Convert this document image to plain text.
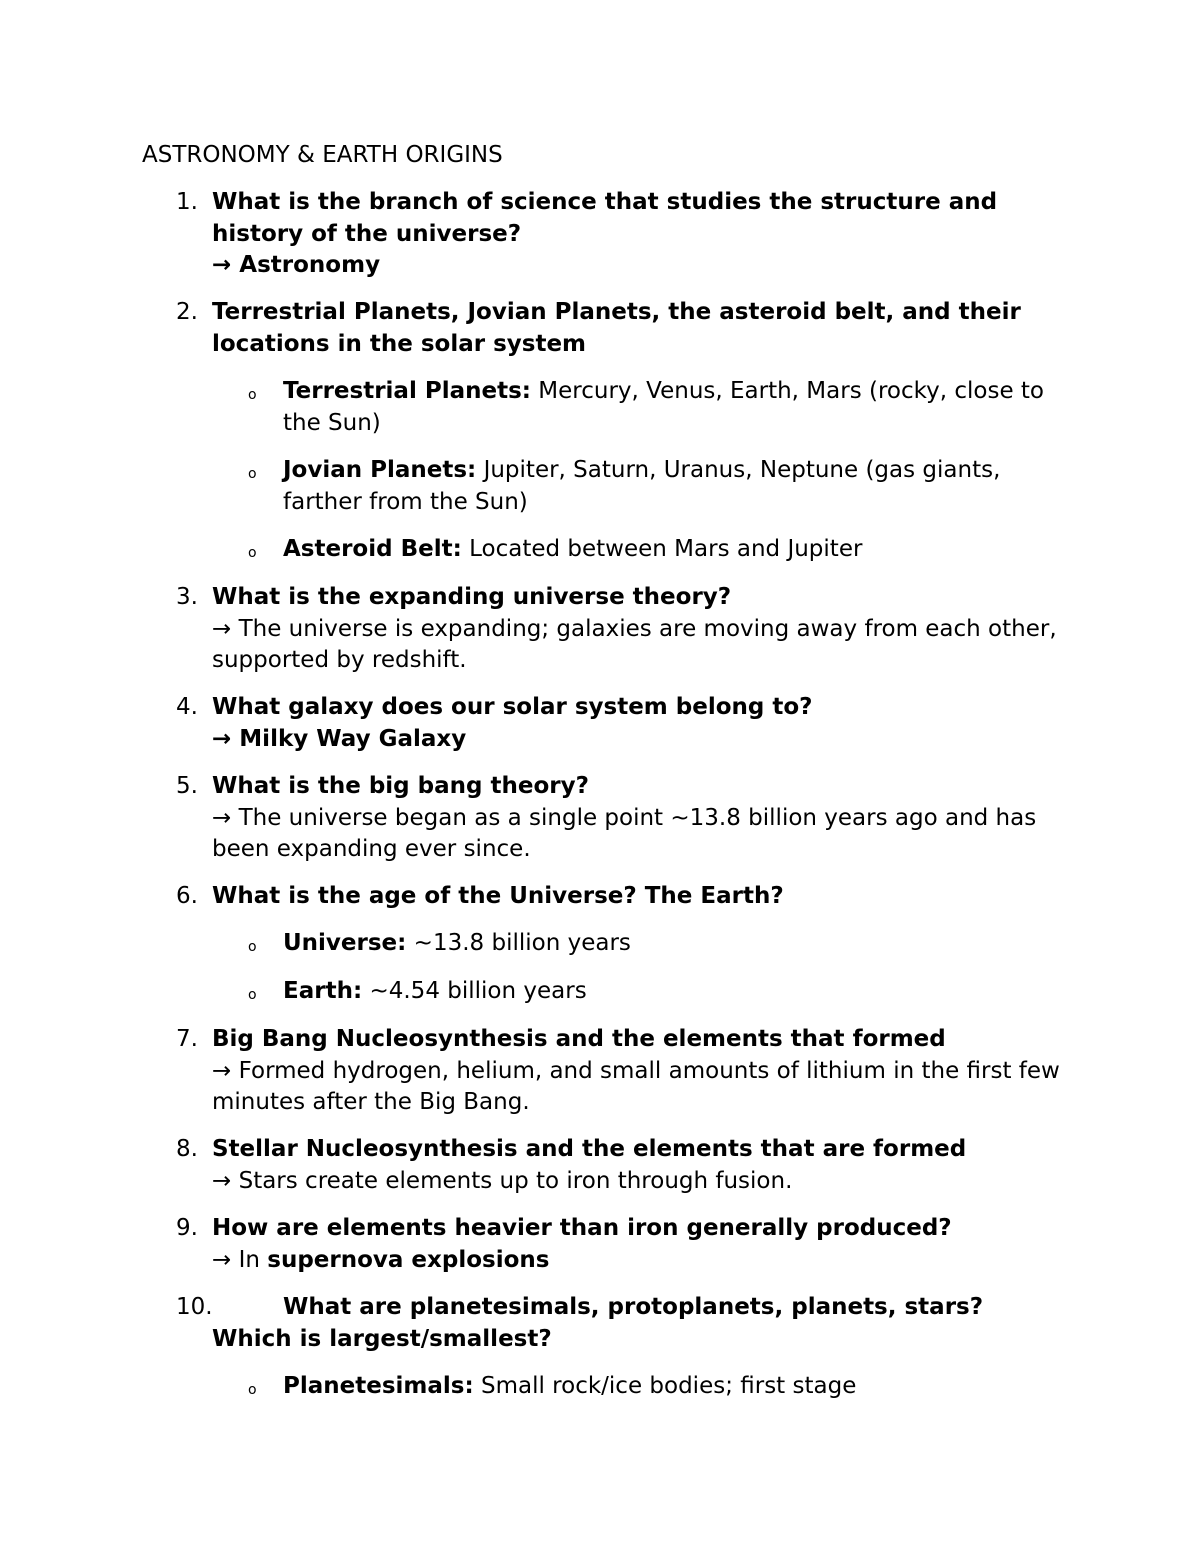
ASTRONOMY & EARTH ORIGINS
1. What is the branch of science that studies the structure and history of the universe?
→ Astronomy
2. Terrestrial Planets, Jovian Planets, the asteroid belt, and their locations in the solar system
o Terrestrial Planets: Mercury, Venus, Earth, Mars (rocky, close to the Sun)
o Jovian Planets: Jupiter, Saturn, Uranus, Neptune (gas giants, farther from the Sun)
o Asteroid Belt: Located between Mars and Jupiter
3. What is the expanding universe theory?
→ The universe is expanding; galaxies are moving away from each other, supported by redshift.
4. What galaxy does our solar system belong to?
→ Milky Way Galaxy
5. What is the big bang theory?
→ The universe began as a single point ~13.8 billion years ago and has been expanding ever since.
6. What is the age of the Universe? The Earth?
o Universe: ~13.8 billion years
o Earth: ~4.54 billion years
7. Big Bang Nucleosynthesis and the elements that formed
→ Formed hydrogen, helium, and small amounts of lithium in the first few minutes after the Big Bang.
8. Stellar Nucleosynthesis and the elements that are formed
→ Stars create elements up to iron through fusion.
9. How are elements heavier than iron generally produced?
→ In supernova explosions
10.	What are planetesimals, protoplanets, planets, stars?
Which is largest/smallest?
o Planetesimals: Small rock/ice bodies; first stage
